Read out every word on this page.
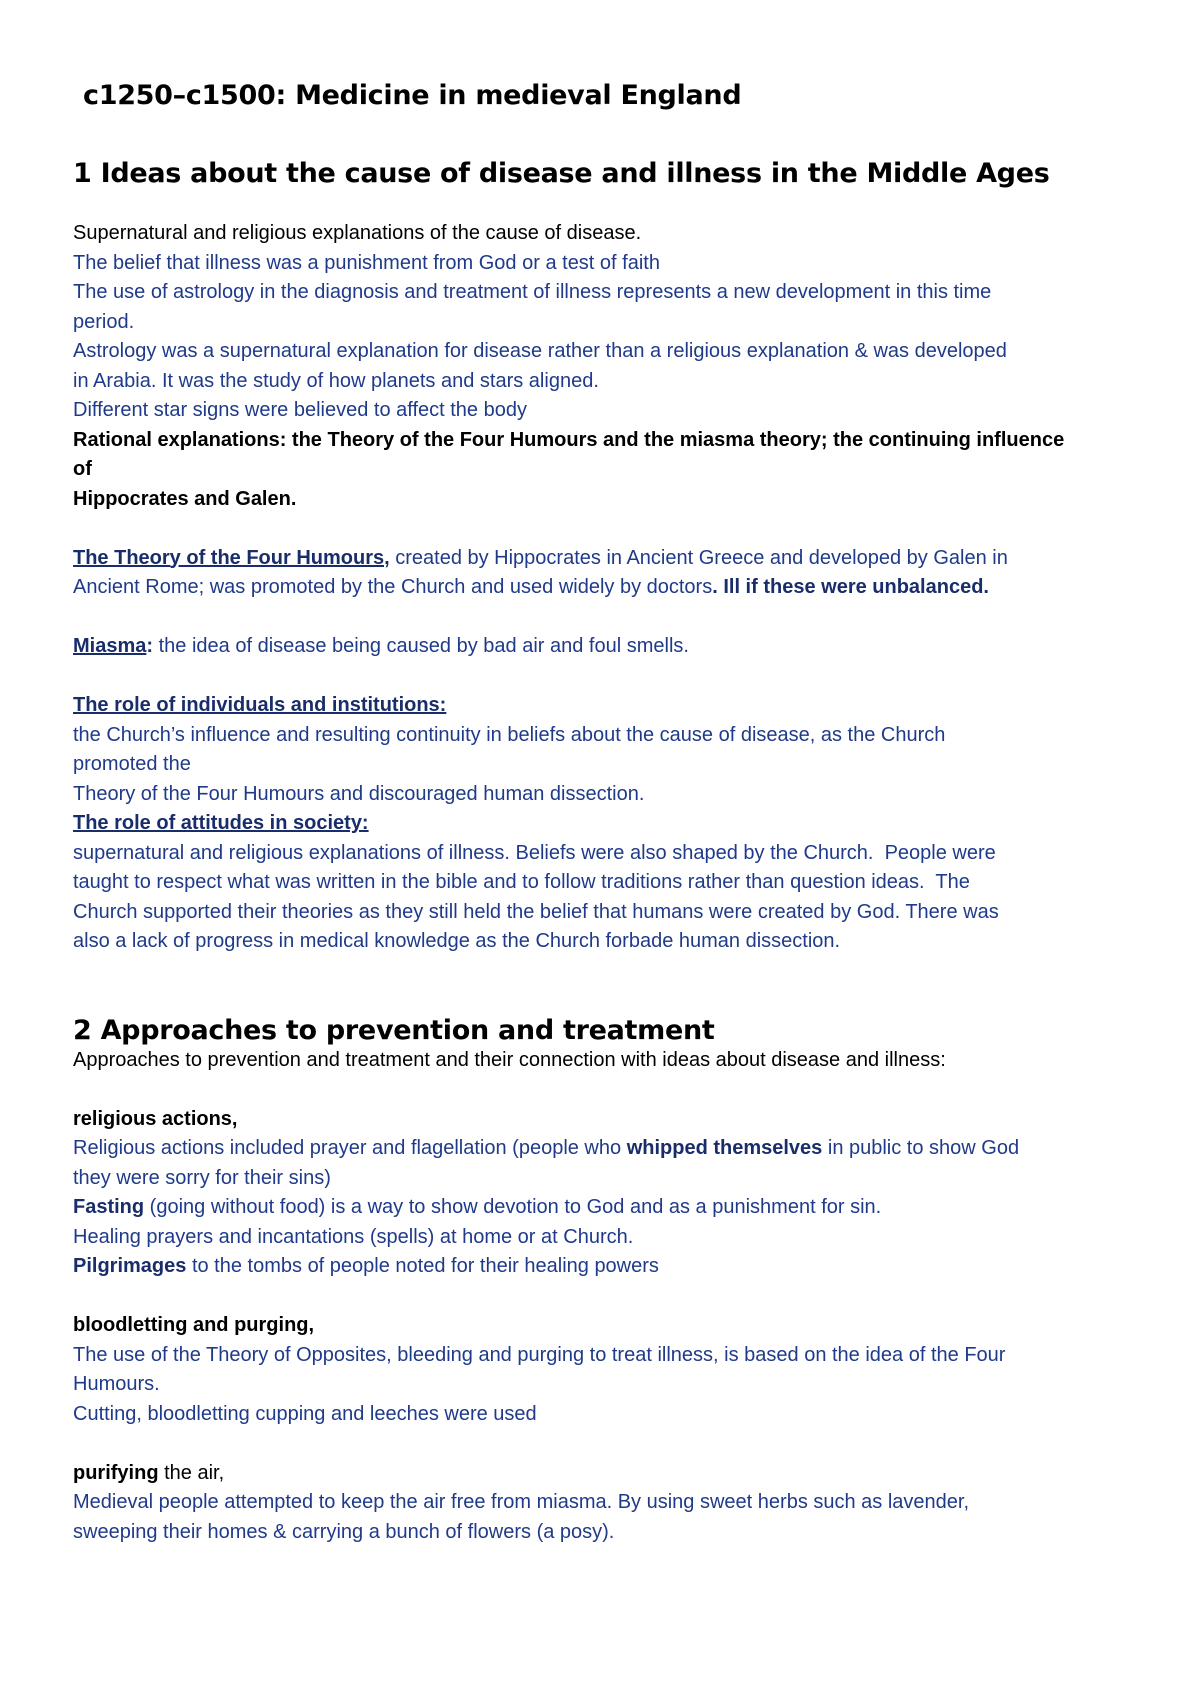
c1250–c1500: Medicine in medieval England
1 Ideas about the cause of disease and illness in the Middle Ages
Supernatural and religious explanations of the cause of disease.
The belief that illness was a punishment from God or a test of faith
The use of astrology in the diagnosis and treatment of illness represents a new development in this time
period.
Astrology was a supernatural explanation for disease rather than a religious explanation & was developed
in Arabia. It was the study of how planets and stars aligned.
Different star signs were believed to affect the body
Rational explanations: the Theory of the Four Humours and the miasma theory; the continuing influence
of
Hippocrates and Galen.
The Theory of the Four Humours, created by Hippocrates in Ancient Greece and developed by Galen in
Ancient Rome; was promoted by the Church and used widely by doctors. Ill if these were unbalanced.
Miasma: the idea of disease being caused by bad air and foul smells.
The role of individuals and institutions:
the Church’s influence and resulting continuity in beliefs about the cause of disease, as the Church
promoted the
Theory of the Four Humours and discouraged human dissection.
The role of attitudes in society:
supernatural and religious explanations of illness. Beliefs were also shaped by the Church.  People were
taught to respect what was written in the bible and to follow traditions rather than question ideas.  The
Church supported their theories as they still held the belief that humans were created by God. There was
also a lack of progress in medical knowledge as the Church forbade human dissection.
2 Approaches to prevention and treatment
Approaches to prevention and treatment and their connection with ideas about disease and illness:
religious actions,
Religious actions included prayer and flagellation (people who whipped themselves in public to show God
they were sorry for their sins)
Fasting (going without food) is a way to show devotion to God and as a punishment for sin.
Healing prayers and incantations (spells) at home or at Church.
Pilgrimages to the tombs of people noted for their healing powers
bloodletting and purging,
The use of the Theory of Opposites, bleeding and purging to treat illness, is based on the idea of the Four
Humours.
Cutting, bloodletting cupping and leeches were used
purifying the air,
Medieval people attempted to keep the air free from miasma. By using sweet herbs such as lavender,
sweeping their homes & carrying a bunch of flowers (a posy).
